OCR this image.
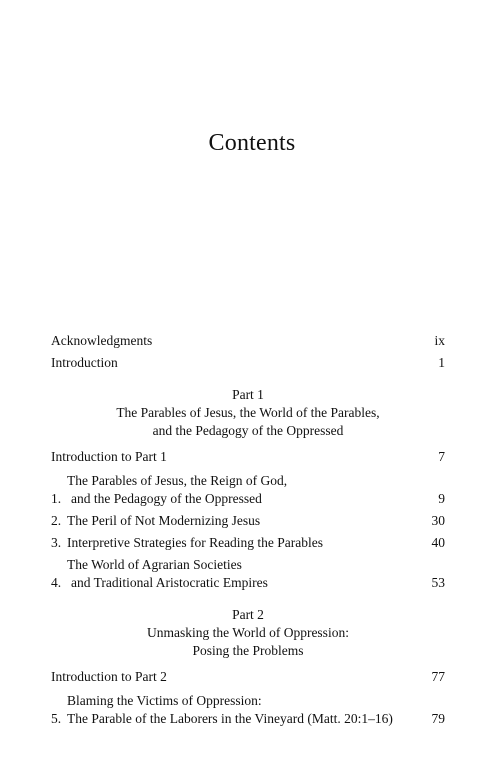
Contents
Acknowledgments	ix
Introduction	1
Part 1
The Parables of Jesus, the World of the Parables,
and the Pedagogy of the Oppressed
Introduction to Part 1	7
1.
The Parables of Jesus, the Reign of God,
and the Pedagogy of the Oppressed	9
2. The Peril of Not Modernizing Jesus	30
3. Interpretive Strategies for Reading the Parables	40
4.
The World of Agrarian Societies
and Traditional Aristocratic Empires	53
Part 2
Unmasking the World of Oppression:
Posing the Problems
Introduction to Part 2	77
5.
Blaming the Victims of Oppression:
The Parable of the Laborers in the Vineyard (Matt. 20:1–16)	79
